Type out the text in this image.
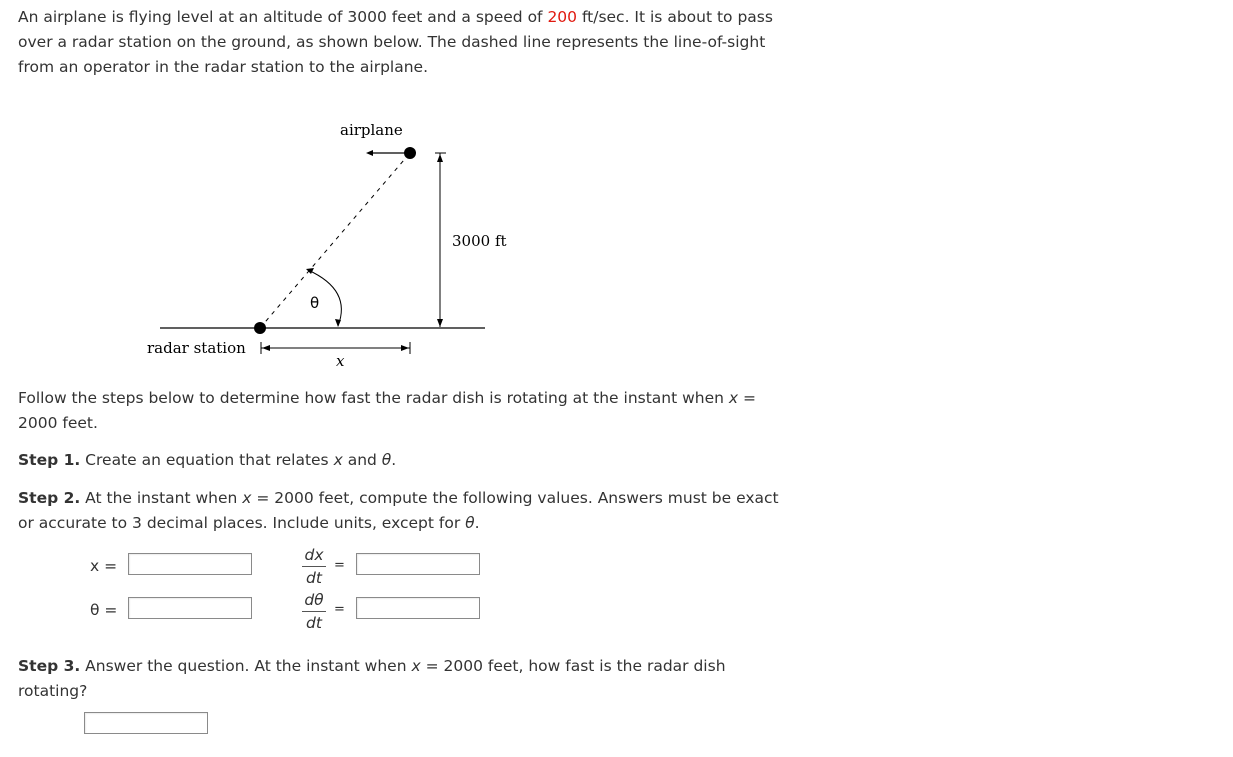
An airplane is flying level at an altitude of 3000 feet and a speed of 200 ft/sec. It is about to pass over a radar station on the ground, as shown below. The dashed line represents the line-of-sight from an operator in the radar station to the airplane.

airplane
3000 ft
θ
radar station
x

Follow the steps below to determine how fast the radar dish is rotating at the instant when x = 2000 feet.

Step 1. Create an equation that relates x and θ.

Step 2. At the instant when x = 2000 feet, compute the following values. Answers must be exact or accurate to 3 decimal places. Include units, except for θ.

x =
dx
dt
=
θ =
dθ
dt
=

Step 3. Answer the question. At the instant when x = 2000 feet, how fast is the radar dish rotating?
